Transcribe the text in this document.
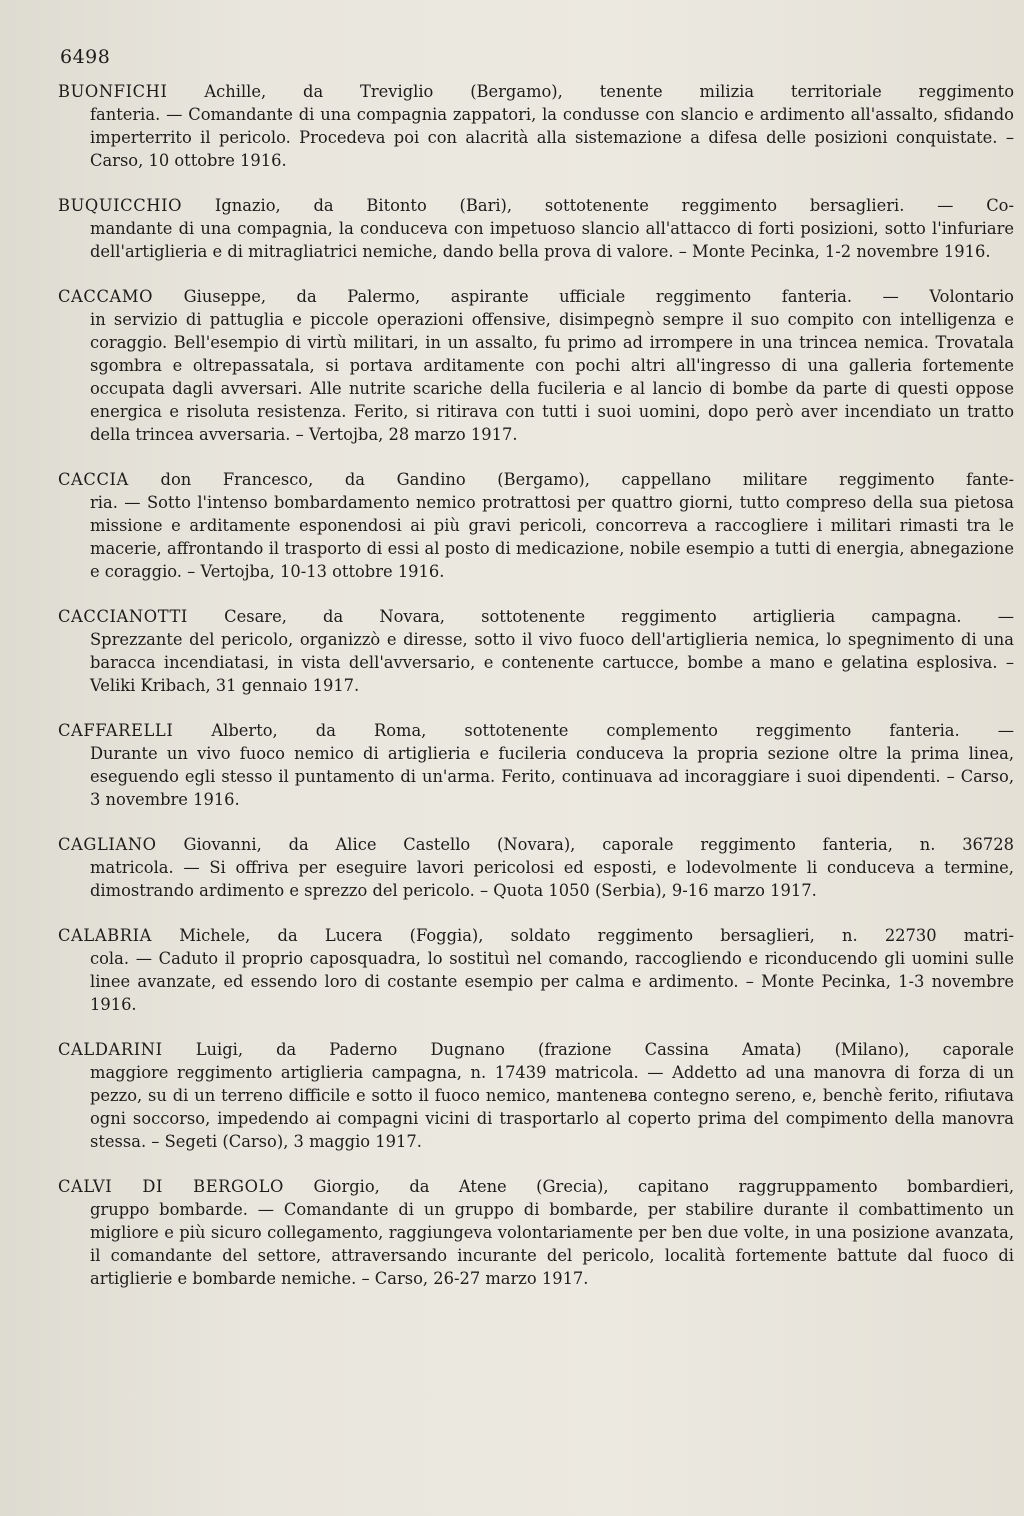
6498
BUONFICHI Achille, da Treviglio (Bergamo), tenente milizia territoriale reggimento
fanteria. — Comandante di una compagnia zappatori, la condusse con slancio e ardimento all'assalto, sfidando imperterrito il pericolo. Procedeva poi con alacrità alla sistemazione a difesa delle posizioni conquistate. – Carso, 10 ottobre 1916.
BUQUICCHIO Ignazio, da Bitonto (Bari), sottotenente reggimento bersaglieri. — Co-
mandante di una compagnia, la conduceva con impetuoso slancio all'attacco di forti posizioni, sotto l'infuriare dell'artiglieria e di mitragliatrici nemiche, dando bella prova di valore. – Monte Pecinka, 1-2 novembre 1916.
CACCAMO Giuseppe, da Palermo, aspirante ufficiale reggimento fanteria. — Volontario
in servizio di pattuglia e piccole operazioni offensive, disimpegnò sempre il suo compito con intelligenza e coraggio. Bell'esempio di virtù militari, in un assalto, fu primo ad irrompere in una trincea nemica. Trovatala sgombra e oltrepassatala, si portava arditamente con pochi altri all'ingresso di una galleria fortemente occupata dagli avversari. Alle nutrite scariche della fucileria e al lancio di bombe da parte di questi oppose energica e risoluta resistenza. Ferito, si ritirava con tutti i suoi uomini, dopo però aver incendiato un tratto della trincea avversaria. – Vertojba, 28 marzo 1917.
CACCIA don Francesco, da Gandino (Bergamo), cappellano militare reggimento fante-
ria. — Sotto l'intenso bombardamento nemico protrattosi per quattro giorni, tutto compreso della sua pietosa missione e arditamente esponendosi ai più gravi pericoli, concorreva a raccogliere i militari rimasti tra le macerie, affrontando il trasporto di essi al posto di medicazione, nobile esempio a tutti di energia, abnegazione e coraggio. – Vertojba, 10-13 ottobre 1916.
CACCIANOTTI Cesare, da Novara, sottotenente reggimento artiglieria campagna. —
Sprezzante del pericolo, organizzò e diresse, sotto il vivo fuoco dell'artiglieria nemica, lo spegnimento di una baracca incendiatasi, in vista dell'avversario, e contenente cartucce, bombe a mano e gelatina esplosiva. – Veliki Kribach, 31 gennaio 1917.
CAFFARELLI Alberto, da Roma, sottotenente complemento reggimento fanteria. —
Durante un vivo fuoco nemico di artiglieria e fucileria conduceva la propria sezione oltre la prima linea, eseguendo egli stesso il puntamento di un'arma. Ferito, continuava ad incoraggiare i suoi dipendenti. – Carso, 3 novembre 1916.
CAGLIANO Giovanni, da Alice Castello (Novara), caporale reggimento fanteria, n. 36728
matricola. — Si offriva per eseguire lavori pericolosi ed esposti, e lodevolmente li conduceva a termine, dimostrando ardimento e sprezzo del pericolo. – Quota 1050 (Serbia), 9-16 marzo 1917.
CALABRIA Michele, da Lucera (Foggia), soldato reggimento bersaglieri, n. 22730 matri-
cola. — Caduto il proprio caposquadra, lo sostituì nel comando, raccogliendo e riconducendo gli uomini sulle linee avanzate, ed essendo loro di costante esempio per calma e ardimento. – Monte Pecinka, 1-3 novembre 1916.
CALDARINI Luigi, da Paderno Dugnano (frazione Cassina Amata) (Milano), caporale
maggiore reggimento artiglieria campagna, n. 17439 matricola. — Addetto ad una manovra di forza di un pezzo, su di un terreno difficile e sotto il fuoco nemico, mantenева contegno sereno, e, benchè ferito, rifiutava ogni soccorso, impedendo ai compagni vicini di trasportarlo al coperto prima del compimento della manovra stessa. – Segeti (Carso), 3 maggio 1917.
CALVI DI BERGOLO Giorgio, da Atene (Grecia), capitano raggruppamento bombardieri,
gruppo bombarde. — Comandante di un gruppo di bombarde, per stabilire durante il combattimento un migliore e più sicuro collegamento, raggiungeva volontariamente per ben due volte, in una posizione avanzata, il comandante del settore, attraversando incurante del pericolo, località fortemente battute dal fuoco di artiglierie e bombarde nemiche. – Carso, 26-27 marzo 1917.
